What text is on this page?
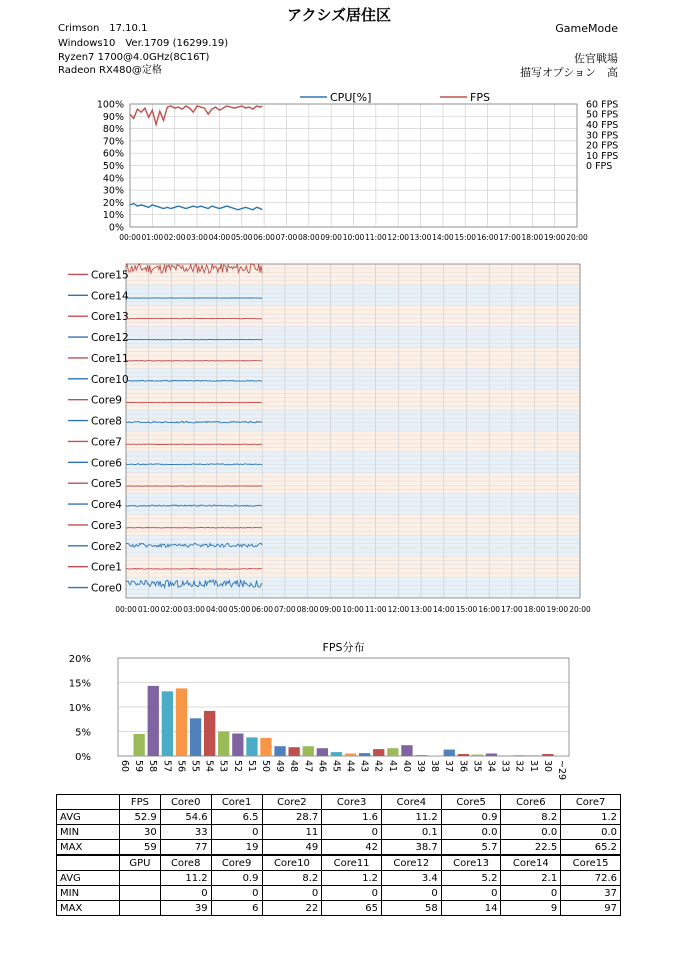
アクシズ居住区
Crimson　17.10.1
Windows10　Ver.1709 (16299.19)
Ryzen7 1700@4.0GHz(8C16T)
Radeon RX480@定格
GameMode
佐官戦場
描写オプション　高
0%
10%
20%
30%
40%
50%
60%
70%
80%
90%
100%
0 FPS
10 FPS
20 FPS
30 FPS
40 FPS
50 FPS
60 FPS
00:00 01:00 02:00 03:00 04:00 05:00 06:00 07:00 08:00 09:00 10:00 11:00 12:00 13:00 14:00 15:00 16:00 17:00 18:00 19:00 20:00
CPU[%]	FPS
Core15
Core14
Core13
Core12
Core11
Core10
Core9
Core8
Core7
Core6
Core5
Core4
Core3
Core2
Core1
Core0
00:00 01:00 02:00 03:00 04:00 05:00 06:00 07:00 08:00 09:00 10:00 11:00 12:00 13:00 14:00 15:00 16:00 17:00 18:00 19:00 20:00
FPS分布
0%
5%
10%
15%
20%
60 59 58 57 56 55 54 53 52 51 50 49 48 47 46 45 44 43 42 41 40 39 38 37 36 35 34 33 32 31 30 ~29
	FPS	Core0	Core1	Core2	Core3	Core4	Core5	Core6	Core7
AVG	52.9	54.6	6.5	28.7	1.6	11.2	0.9	8.2	1.2
MIN	30	33	0	11	0	0.1	0.0	0.0	0.0
MAX	59	77	19	49	42	38.7	5.7	22.5	65.2
	GPU	Core8	Core9	Core10	Core11	Core12	Core13	Core14	Core15
AVG		11.2	0.9	8.2	1.2	3.4	5.2	2.1	72.6
MIN		0	0	0	0	0	0	0	37
MAX		39	6	22	65	58	14	9	97
